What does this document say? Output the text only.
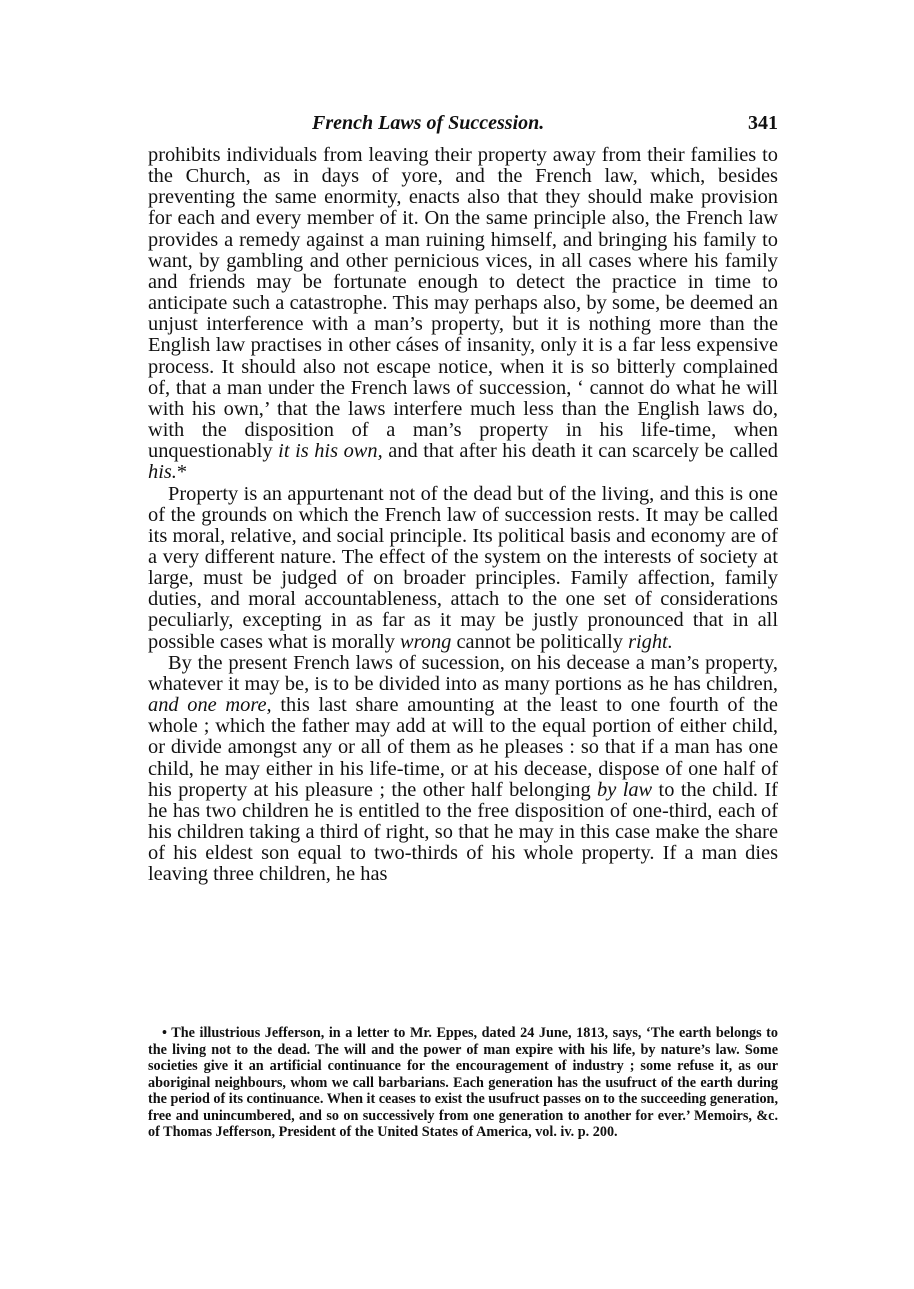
French Laws of Succession.	341

prohibits individuals from leaving their property away from their families to the Church, as in days of yore, and the French law, which, besides preventing the same enormity, enacts also that they should make provision for each and every member of it. On the same principle also, the French law provides a remedy against a man ruining himself, and bringing his family to want, by gambling and other pernicious vices, in all cases where his family and friends may be fortunate enough to detect the practice in time to anticipate such a catastrophe. This may perhaps also, by some, be deemed an unjust interference with a man’s property, but it is nothing more than the English law practises in other cáses of insanity, only it is a far less expensive process. It should also not escape notice, when it is so bitterly complained of, that a man under the French laws of succession, ‘ cannot do what he will with his own,’ that the laws interfere much less than the English laws do, with the disposition of a man’s property in his life-time, when unquestionably it is his own, and that after his death it can scarcely be called his.*

Property is an appurtenant not of the dead but of the living, and this is one of the grounds on which the French law of succession rests. It may be called its moral, relative, and social principle. Its political basis and economy are of a very different nature. The effect of the system on the interests of society at large, must be judged of on broader principles. Family affection, family duties, and moral accountableness, attach to the one set of considerations peculiarly, excepting in as far as it may be justly pronounced that in all possible cases what is morally wrong cannot be politically right.

By the present French laws of sucession, on his decease a man’s property, whatever it may be, is to be divided into as many portions as he has children, and one more, this last share amounting at the least to one fourth of the whole ; which the father may add at will to the equal portion of either child, or divide amongst any or all of them as he pleases : so that if a man has one child, he may either in his life-time, or at his decease, dispose of one half of his property at his pleasure ; the other half belonging by law to the child. If he has two children he is entitled to the free disposition of one-third, each of his children taking a third of right, so that he may in this case make the share of his eldest son equal to two-thirds of his whole property. If a man dies leaving three children, he has

• The illustrious Jefferson, in a letter to Mr. Eppes, dated 24 June, 1813, says, ‘The earth belongs to the living not to the dead. The will and the power of man expire with his life, by nature’s law. Some societies give it an artificial continuance for the encouragement of industry ; some refuse it, as our aboriginal neighbours, whom we call barbarians. Each generation has the usufruct of the earth during the period of its continuance. When it ceases to exist the usufruct passes on to the succeeding generation, free and unincumbered, and so on successively from one generation to another for ever.’ Memoirs, &c. of Thomas Jefferson, President of the United States of America, vol. iv. p. 200.
